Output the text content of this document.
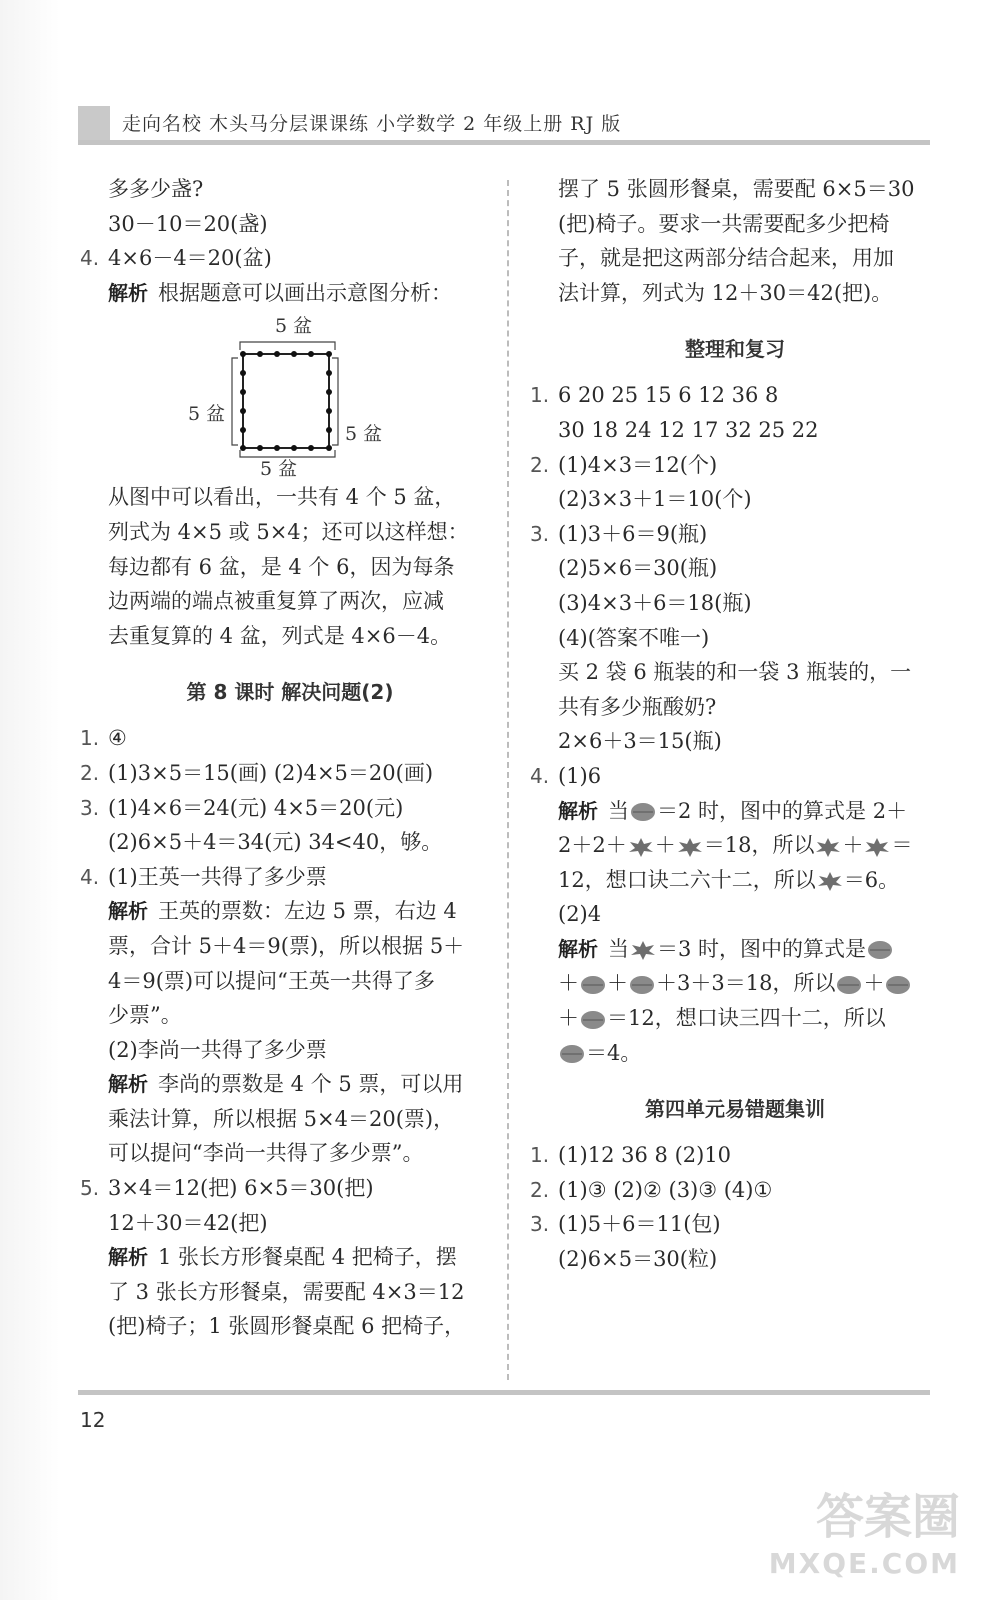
走向名校 木头马分层课课练 小学数学 2 年级上册 RJ 版
多多少盏?
30－10＝20(盏)
4. 4×6－4＝20(盆)
解析 根据题意可以画出示意图分析：
5 盆
5 盆
5 盆
5 盆
从图中可以看出，一共有 4 个 5 盆，
列式为 4×5 或 5×4；还可以这样想：
每边都有 6 盆，是 4 个 6，因为每条
边两端的端点被重复算了两次，应减
去重复算的 4 盆，列式是 4×6－4。
第 8 课时 解决问题(2)
1. ④
2. (1)3×5＝15(画) (2)4×5＝20(画)
3. (1)4×6＝24(元) 4×5＝20(元)
(2)6×5＋4＝34(元) 34<40，够。
4. (1)王英一共得了多少票
解析 王英的票数：左边 5 票，右边 4
票，合计 5＋4＝9(票)，所以根据 5＋
4＝9(票)可以提问“王英一共得了多
少票”。
(2)李尚一共得了多少票
解析 李尚的票数是 4 个 5 票，可以用
乘法计算，所以根据 5×4＝20(票)，
可以提问“李尚一共得了多少票”。
5. 3×4＝12(把) 6×5＝30(把)
12＋30＝42(把)
解析 1 张长方形餐桌配 4 把椅子，摆
了 3 张长方形餐桌，需要配 4×3＝12
(把)椅子；1 张圆形餐桌配 6 把椅子，
摆了 5 张圆形餐桌，需要配 6×5＝30
(把)椅子。要求一共需要配多少把椅
子，就是把这两部分结合起来，用加
法计算，列式为 12＋30＝42(把)。
整理和复习
1. 6 20 25 15 6 12 36 8
30 18 24 12 17 32 25 22
2. (1)4×3＝12(个)
(2)3×3＋1＝10(个)
3. (1)3＋6＝9(瓶)
(2)5×6＝30(瓶)
(3)4×3＋6＝18(瓶)
(4)(答案不唯一)
买 2 袋 6 瓶装的和一袋 3 瓶装的，一
共有多少瓶酸奶?
2×6＋3＝15(瓶)
4. (1)6
解析 当 ＝2 时，图中的算式是 2＋
2＋2＋ ＋ ＝18，所以 ＋ ＝
12，想口诀二六十二，所以 ＝6。
(2)4
解析 当 ＝3 时，图中的算式是
＋ ＋ ＋3＋3＝18，所以 ＋
＋ ＝12，想口诀三四十二，所以
＝4。
第四单元易错题集训
1. (1)12 36 8 (2)10
2. (1)③ (2)② (3)③ (4)①
3. (1)5＋6＝11(包)
(2)6×5＝30(粒)
12
答案圈
MXQE.COM
